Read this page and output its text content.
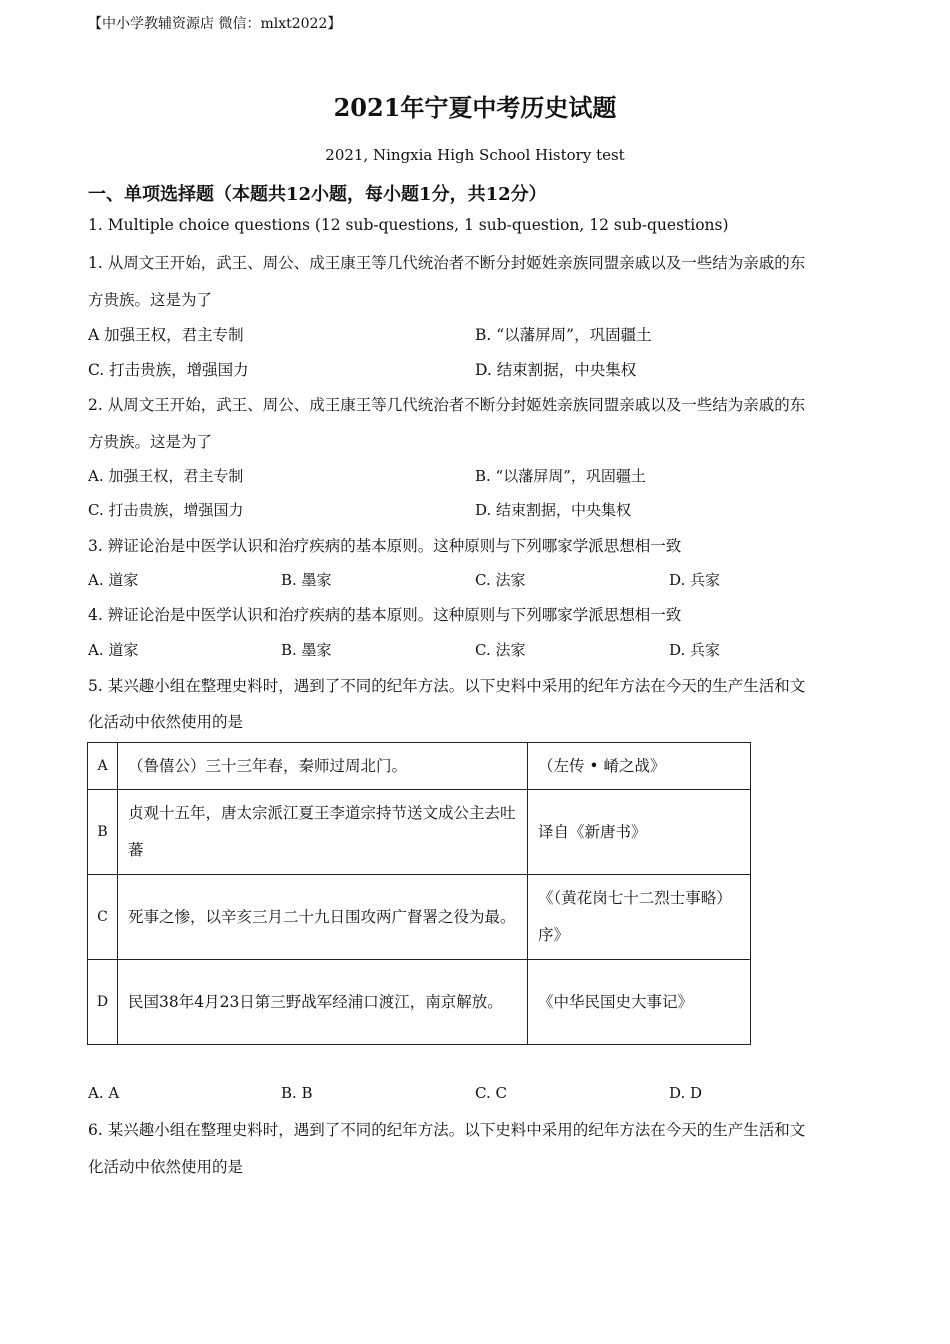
【中小学教辅资源店 微信：mlxt2022】
2021年宁夏中考历史试题
2021, Ningxia High School History test
一、单项选择题（本题共12小题，每小题1分，共12分）
1. Multiple choice questions (12 sub-questions, 1 sub-question, 12 sub-questions)
1. 从周文王开始，武王、周公、成王康王等几代统治者不断分封姬姓亲族同盟亲戚以及一些结为亲戚的东
方贵族。这是为了
A 加强王权，君主专制	B. “以藩屏周”，巩固疆土
C. 打击贵族，增强国力	D. 结束割据，中央集权
2. 从周文王开始，武王、周公、成王康王等几代统治者不断分封姬姓亲族同盟亲戚以及一些结为亲戚的东
方贵族。这是为了
A. 加强王权，君主专制	B. “以藩屏周”，巩固疆土
C. 打击贵族，增强国力	D. 结束割据，中央集权
3. 辨证论治是中医学认识和治疗疾病的基本原则。这种原则与下列哪家学派思想相一致
A. 道家	B. 墨家	C. 法家	D. 兵家
4. 辨证论治是中医学认识和治疗疾病的基本原则。这种原则与下列哪家学派思想相一致
A. 道家	B. 墨家	C. 法家	D. 兵家
5. 某兴趣小组在整理史料时，遇到了不同的纪年方法。以下史料中采用的纪年方法在今天的生产生活和文
化活动中依然使用的是
A	（鲁僖公）三十三年春，秦师过周北门。	（左传 • 崤之战》
B	贞观十五年，唐太宗派江夏王李道宗持节送文成公主去吐蕃	译自《新唐书》
C	死事之惨，以辛亥三月二十九日围攻两广督署之役为最。	《（黄花岗七十二烈士事略）序》
D	民国38年4月23日第三野战军经浦口渡江，南京解放。	《中华民国史大事记》
A. A	B. B	C. C	D. D
6. 某兴趣小组在整理史料时，遇到了不同的纪年方法。以下史料中采用的纪年方法在今天的生产生活和文
化活动中依然使用的是
